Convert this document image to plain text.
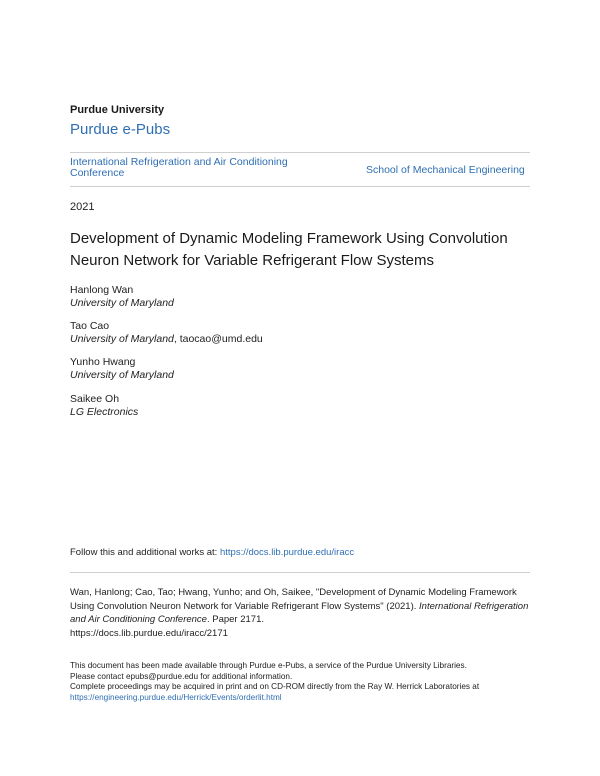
Purdue University
Purdue e-Pubs
International Refrigeration and Air Conditioning Conference	School of Mechanical Engineering
2021
Development of Dynamic Modeling Framework Using Convolution Neuron Network for Variable Refrigerant Flow Systems
Hanlong Wan
University of Maryland
Tao Cao
University of Maryland, taocao@umd.edu
Yunho Hwang
University of Maryland
Saikee Oh
LG Electronics
Follow this and additional works at: https://docs.lib.purdue.edu/iracc
Wan, Hanlong; Cao, Tao; Hwang, Yunho; and Oh, Saikee, "Development of Dynamic Modeling Framework Using Convolution Neuron Network for Variable Refrigerant Flow Systems" (2021). International Refrigeration and Air Conditioning Conference. Paper 2171.
https://docs.lib.purdue.edu/iracc/2171
This document has been made available through Purdue e-Pubs, a service of the Purdue University Libraries.
Please contact epubs@purdue.edu for additional information.
Complete proceedings may be acquired in print and on CD-ROM directly from the Ray W. Herrick Laboratories at
https://engineering.purdue.edu/Herrick/Events/orderlit.html
